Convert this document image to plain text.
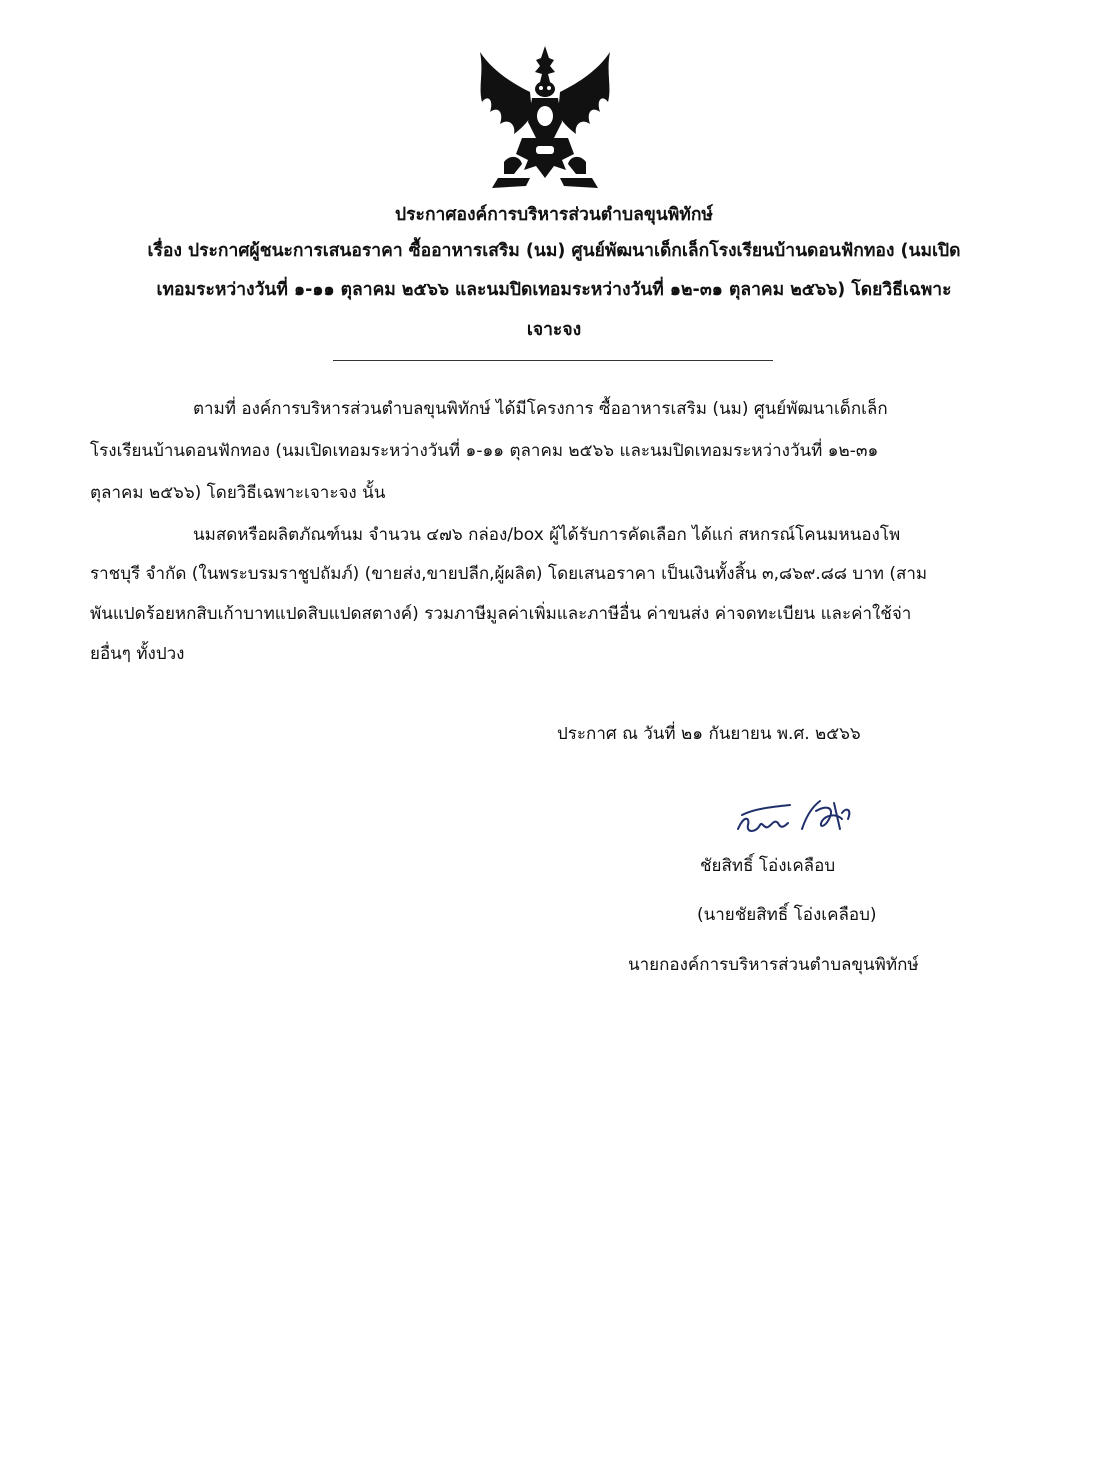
ประกาศองค์การบริหารส่วนตำบลขุนพิทักษ์
เรื่อง ประกาศผู้ชนะการเสนอราคา ซื้ออาหารเสริม (นม) ศูนย์พัฒนาเด็กเล็กโรงเรียนบ้านดอนฟักทอง (นมเปิด
เทอมระหว่างวันที่ ๑-๑๑ ตุลาคม ๒๕๖๖ และนมปิดเทอมระหว่างวันที่ ๑๒-๓๑ ตุลาคม ๒๕๖๖) โดยวิธีเฉพาะ
เจาะจง
ตามที่ องค์การบริหารส่วนตำบลขุนพิทักษ์ ได้มีโครงการ ซื้ออาหารเสริม (นม) ศูนย์พัฒนาเด็กเล็ก
โรงเรียนบ้านดอนฟักทอง (นมเปิดเทอมระหว่างวันที่ ๑-๑๑ ตุลาคม ๒๕๖๖ และนมปิดเทอมระหว่างวันที่ ๑๒-๓๑
ตุลาคม ๒๕๖๖) โดยวิธีเฉพาะเจาะจง นั้น
นมสดหรือผลิตภัณฑ์นม จำนวน ๔๗๖ กล่อง/box ผู้ได้รับการคัดเลือก ได้แก่ สหกรณ์โคนมหนองโพ
ราชบุรี จำกัด (ในพระบรมราชูปถัมภ์) (ขายส่ง,ขายปลีก,ผู้ผลิต) โดยเสนอราคา เป็นเงินทั้งสิ้น ๓,๘๖๙.๘๘ บาท (สาม
พันแปดร้อยหกสิบเก้าบาทแปดสิบแปดสตางค์) รวมภาษีมูลค่าเพิ่มและภาษีอื่น ค่าขนส่ง ค่าจดทะเบียน และค่าใช้จ่า
ยอื่นๆ ทั้งปวง
ประกาศ ณ วันที่ ๒๑ กันยายน พ.ศ. ๒๕๖๖
ชัยสิทธิ์ โอ่งเคลือบ
(นายชัยสิทธิ์ โอ่งเคลือบ)
นายกองค์การบริหารส่วนตำบลขุนพิทักษ์
